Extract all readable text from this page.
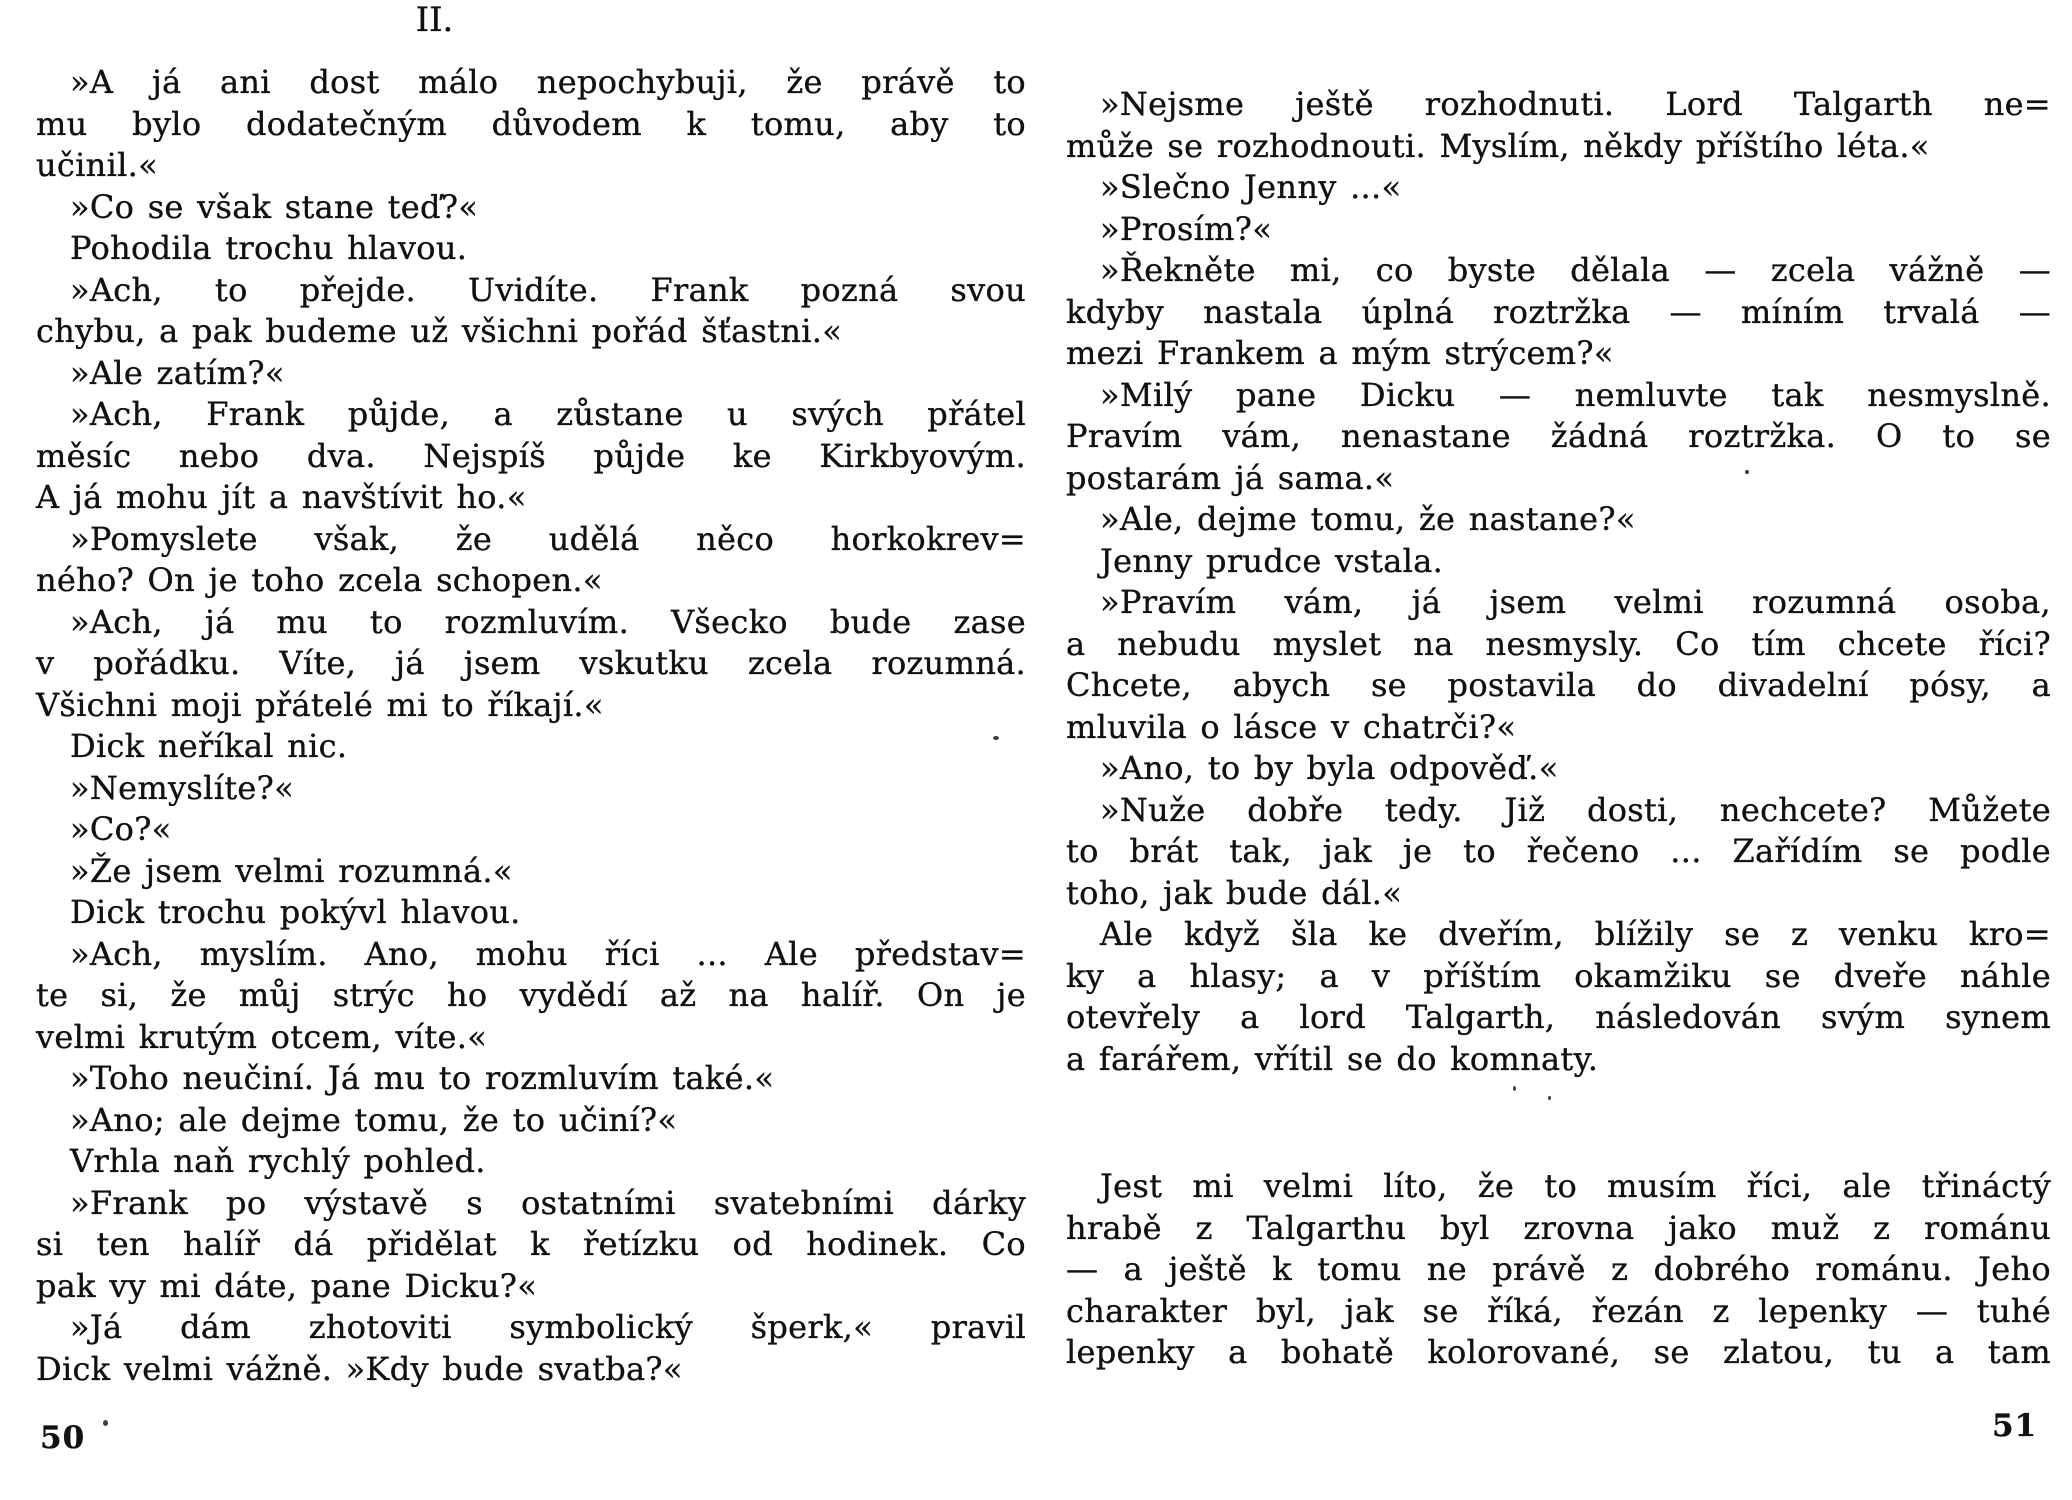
»A já ani dost málo nepochybuji, že právě to
mu bylo dodatečným důvodem k tomu, aby to
učinil.«
»Co se však stane teď?«
Pohodila trochu hlavou.
»Ach, to přejde. Uvidíte. Frank pozná svou
chybu, a pak budeme už všichni pořád šťastni.«
»Ale zatím?«
»Ach, Frank půjde, a zůstane u svých přátel
měsíc nebo dva. Nejspíš půjde ke Kirkbyovým.
A já mohu jít a navštívit ho.«
»Pomyslete však, že udělá něco horkokrev=
ného? On je toho zcela schopen.«
»Ach, já mu to rozmluvím. Všecko bude zase
v pořádku. Víte, já jsem vskutku zcela rozumná.
Všichni moji přátelé mi to říkají.«
Dick neříkal nic.
»Nemyslíte?«
»Co?«
»Že jsem velmi rozumná.«
Dick trochu pokývl hlavou.
»Ach, myslím. Ano, mohu říci ... Ale představ=
te si, že můj strýc ho vydědí až na halíř. On je
velmi krutým otcem, víte.«
»Toho neučiní. Já mu to rozmluvím také.«
»Ano; ale dejme tomu, že to učiní?«
Vrhla naň rychlý pohled.
»Frank po výstavě s ostatními svatebními dárky
si ten halíř dá přidělat k řetízku od hodinek. Co
pak vy mi dáte, pane Dicku?«
»Já dám zhotoviti symbolický šperk,« pravil
Dick velmi vážně. »Kdy bude svatba?«
»Nejsme ještě rozhodnuti. Lord Talgarth ne=
může se rozhodnouti. Myslím, někdy příštího léta.«
»Slečno Jenny ...«
»Prosím?«
»Řekněte mi, co byste dělala — zcela vážně —
kdyby nastala úplná roztržka — míním trvalá —
mezi Frankem a mým strýcem?«
»Milý pane Dicku — nemluvte tak nesmyslně.
Pravím vám, nenastane žádná roztržka. O to se
postarám já sama.«
»Ale, dejme tomu, že nastane?«
Jenny prudce vstala.
»Pravím vám, já jsem velmi rozumná osoba,
a nebudu myslet na nesmysly. Co tím chcete říci?
Chcete, abych se postavila do divadelní pósy, a
mluvila o lásce v chatrči?«
»Ano, to by byla odpověď.«
»Nuže dobře tedy. Již dosti, nechcete? Můžete
to brát tak, jak je to řečeno ... Zařídím se podle
toho, jak bude dál.«
Ale když šla ke dveřím, blížily se z venku kro=
ky a hlasy; a v příštím okamžiku se dveře náhle
otevřely a lord Talgarth, následován svým synem
a farářem, vřítil se do komnaty.
II.
Jest mi velmi líto, že to musím říci, ale třináctý
hrabě z Talgarthu byl zrovna jako muž z románu
— a ještě k tomu ne právě z dobrého románu. Jeho
charakter byl, jak se říká, řezán z lepenky — tuhé
lepenky a bohatě kolorované, se zlatou, tu a tam
50	51
